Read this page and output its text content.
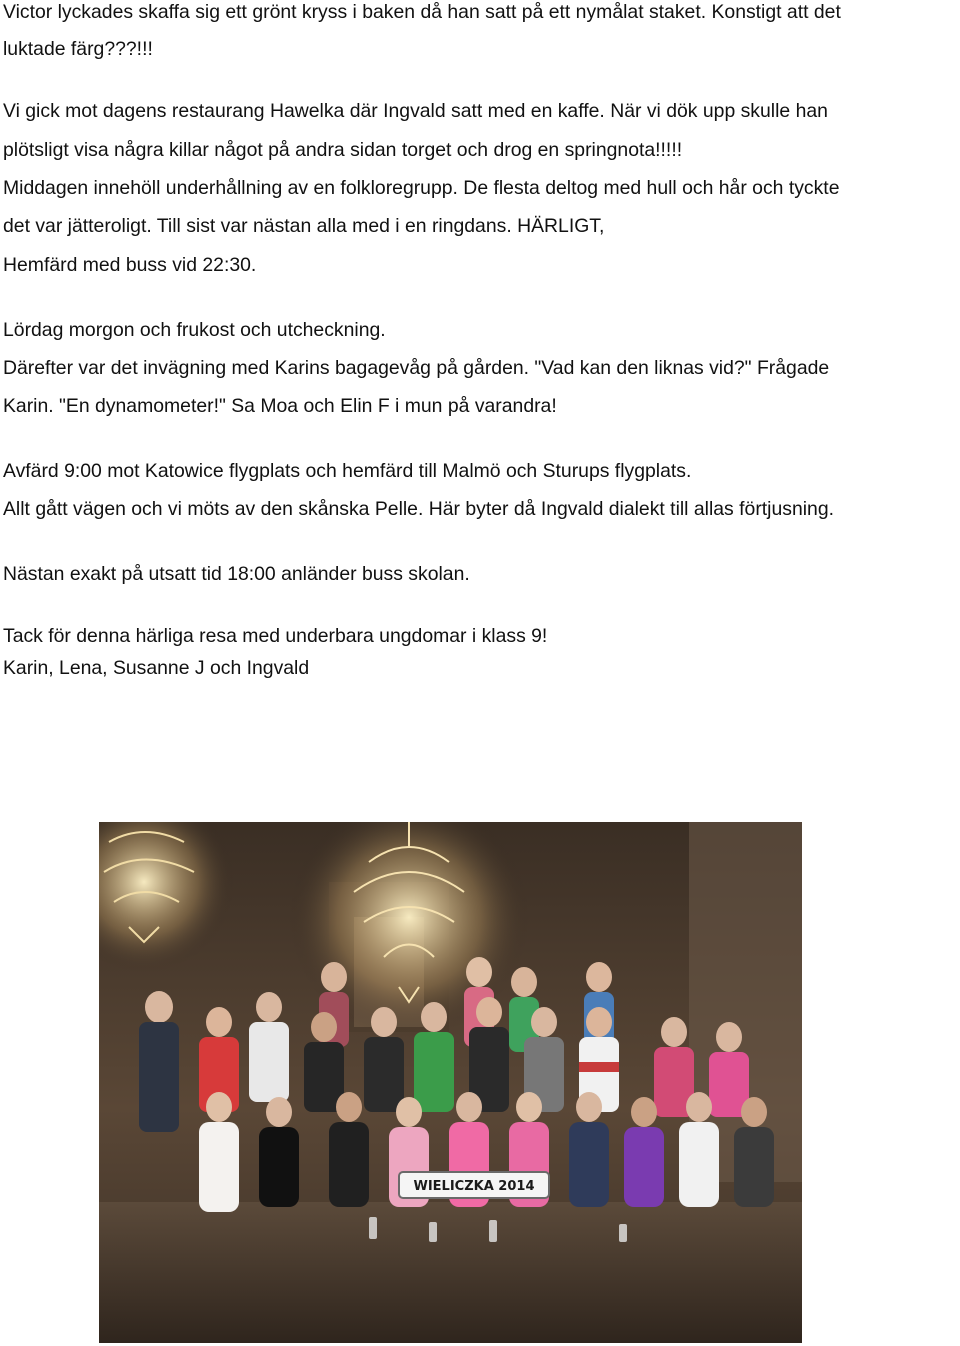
Victor lyckades skaffa sig ett grönt kryss i baken då han satt på ett nymålat staket. Konstigt att det

luktade färg???!!!

Vi gick mot dagens restaurang Hawelka där Ingvald satt med en kaffe. När vi dök upp skulle han

plötsligt visa några killar något på andra sidan torget och drog en springnota!!!!!

Middagen innehöll underhållning av en folkloregrupp. De flesta deltog med hull och hår och tyckte

det var jätteroligt. Till sist var nästan alla med i en ringdans. HÄRLIGT,

Hemfärd med buss vid 22:30.

Lördag morgon och frukost och utcheckning.

Därefter var det invägning med Karins bagagevåg på gården. "Vad kan den liknas vid?" Frågade

Karin. "En dynamometer!" Sa Moa och Elin F i mun på varandra!

Avfärd 9:00 mot Katowice flygplats och hemfärd till Malmö och Sturups flygplats.

Allt gått vägen och vi möts av den skånska Pelle. Här byter då Ingvald dialekt till allas förtjusning.

Nästan exakt på utsatt tid 18:00 anländer buss skolan.

Tack för denna härliga resa med underbara ungdomar i klass 9!

Karin, Lena, Susanne J och Ingvald

WIELICZKA 2014
